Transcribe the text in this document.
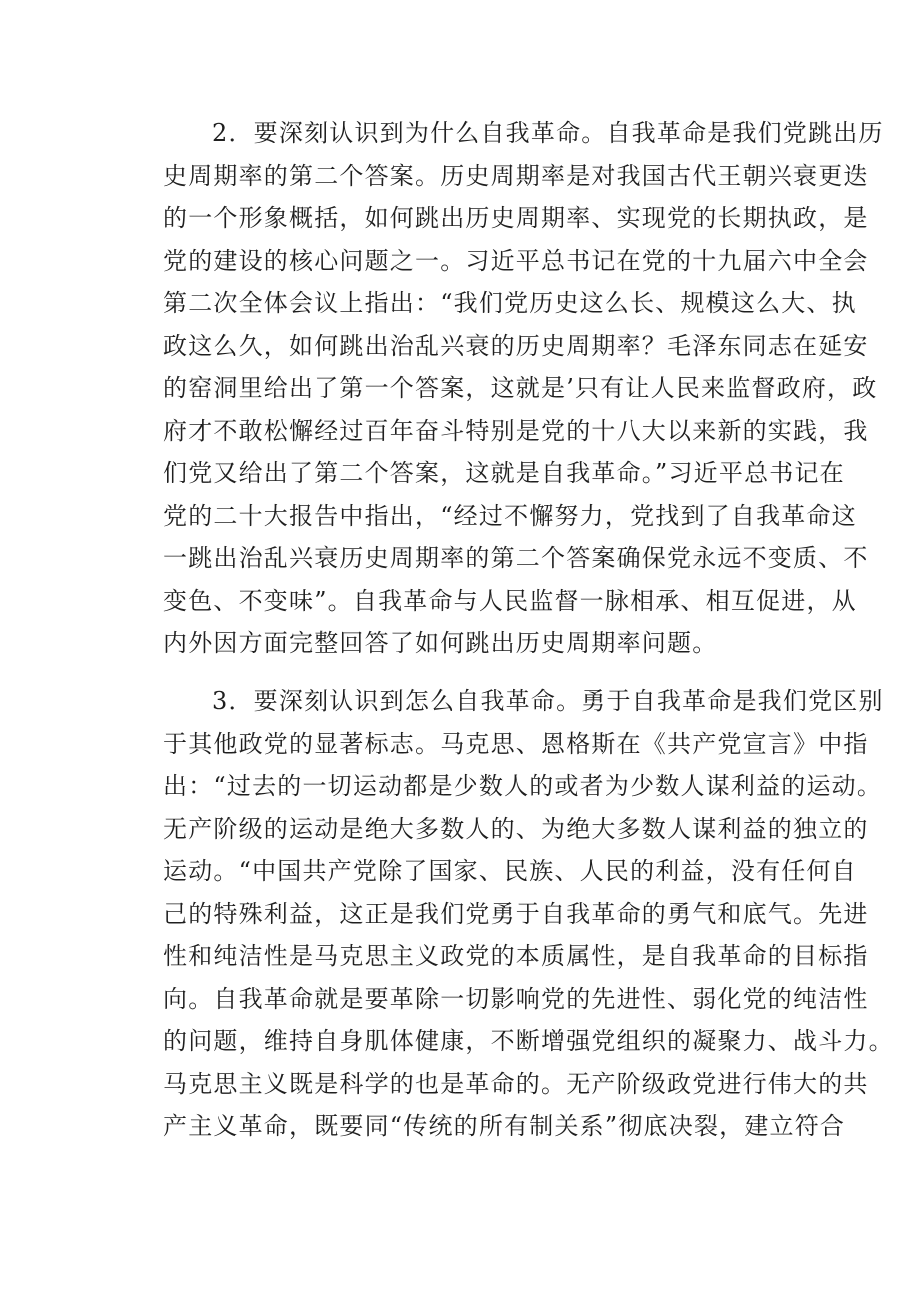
2．要深刻认识到为什么自我革命。自我革命是我们党跳出历
史周期率的第二个答案。历史周期率是对我国古代王朝兴衰更迭
的一个形象概括，如何跳出历史周期率、实现党的长期执政，是
党的建设的核心问题之一。习近平总书记在党的十九届六中全会
第二次全体会议上指出：“我们党历史这么长、规模这么大、执
政这么久，如何跳出治乱兴衰的历史周期率？毛泽东同志在延安
的窑洞里给出了第一个答案，这就是’只有让人民来监督政府，政
府才不敢松懈经过百年奋斗特别是党的十八大以来新的实践，我
们党又给出了第二个答案，这就是自我革命。”习近平总书记在
党的二十大报告中指出，“经过不懈努力，党找到了自我革命这
一跳出治乱兴衰历史周期率的第二个答案确保党永远不变质、不
变色、不变味”。自我革命与人民监督一脉相承、相互促进，从
内外因方面完整回答了如何跳出历史周期率问题。
3．要深刻认识到怎么自我革命。勇于自我革命是我们党区别
于其他政党的显著标志。马克思、恩格斯在《共产党宣言》中指
出：“过去的一切运动都是少数人的或者为少数人谋利益的运动。
无产阶级的运动是绝大多数人的、为绝大多数人谋利益的独立的
运动。“中国共产党除了国家、民族、人民的利益，没有任何自
己的特殊利益，这正是我们党勇于自我革命的勇气和底气。先进
性和纯洁性是马克思主义政党的本质属性，是自我革命的目标指
向。自我革命就是要革除一切影响党的先进性、弱化党的纯洁性
的问题，维持自身肌体健康，不断增强党组织的凝聚力、战斗力。
马克思主义既是科学的也是革命的。无产阶级政党进行伟大的共
产主义革命，既要同“传统的所有制关系”彻底决裂，建立符合
